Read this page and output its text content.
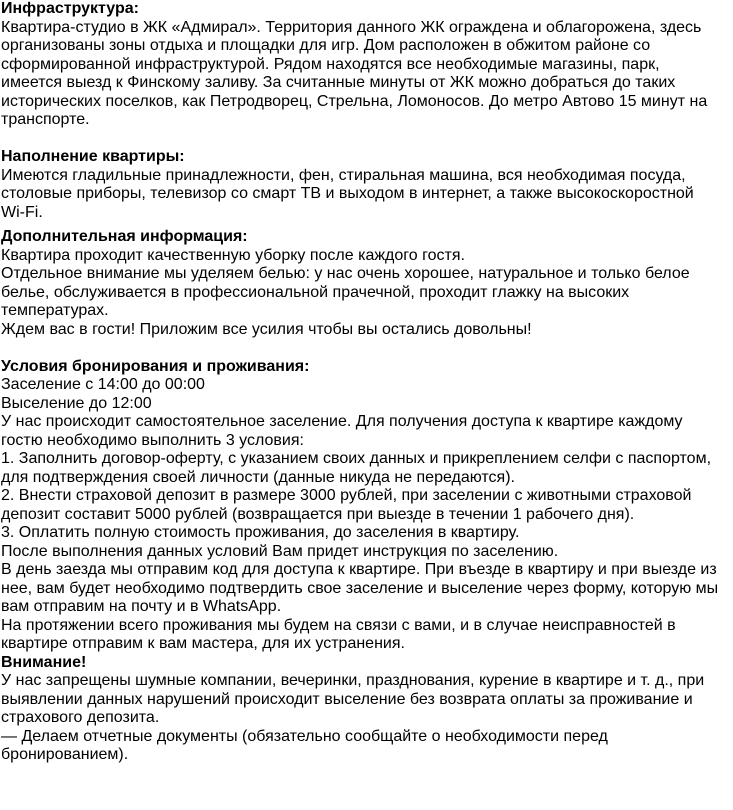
Инфраструктура:
Квартира-студио в ЖК «Адмирал». Территория данного ЖК ограждена и облагорожена, здесь организованы зоны отдыха и площадки для игр. Дом расположен в обжитом районе со сформированной инфраструктурой. Рядом находятся все необходимые магазины, парк, имеется выезд к Финскому заливу. За считанные минуты от ЖК можно добраться до таких исторических поселков, как Петродворец, Стрельна, Ломоносов. До метро Автово 15 минут на транспорте.
Наполнение квартиры:
Имеются гладильные принадлежности, фен, стиральная машина, вся необходимая посуда, столовые приборы, телевизор со смарт ТВ и выходом в интернет, а также высокоскоростной Wi-Fi.
Дополнительная информация:
Квартира проходит качественную уборку после каждого гостя.
Отдельное внимание мы уделяем белью: у нас очень хорошее, натуральное и только белое белье, обслуживается в профессиональной прачечной, проходит глажку на высоких температурах.
Ждем вас в гости! Приложим все усилия чтобы вы остались довольны!
Условия бронирования и проживания:
Заселение с 14:00 до 00:00
Выселение до 12:00
У нас происходит самостоятельное заселение. Для получения доступа к квартире каждому гостю необходимо выполнить 3 условия:
1. Заполнить договор-оферту, с указанием своих данных и прикреплением селфи с паспортом, для подтверждения своей личности (данные никуда не передаются).
2. Внести страховой депозит в размере 3000 рублей, при заселении с животными страховой депозит составит 5000 рублей (возвращается при выезде в течении 1 рабочего дня).
3. Оплатить полную стоимость проживания, до заселения в квартиру.
После выполнения данных условий Вам придет инструкция по заселению.
В день заезда мы отправим код для доступа к квартире. При въезде в квартиру и при выезде из нее, вам будет необходимо подтвердить свое заселение и выселение через форму, которую мы вам отправим на почту и в WhatsApp.
На протяжении всего проживания мы будем на связи с вами, и в случае неисправностей в квартире отправим к вам мастера, для их устранения.
Внимание!
У нас запрещены шумные компании, вечеринки, празднования, курение в квартире и т. д., при выявлении данных нарушений происходит выселение без возврата оплаты за проживание и страхового депозита.
— Делаем отчетные документы (обязательно сообщайте о необходимости перед бронированием).
